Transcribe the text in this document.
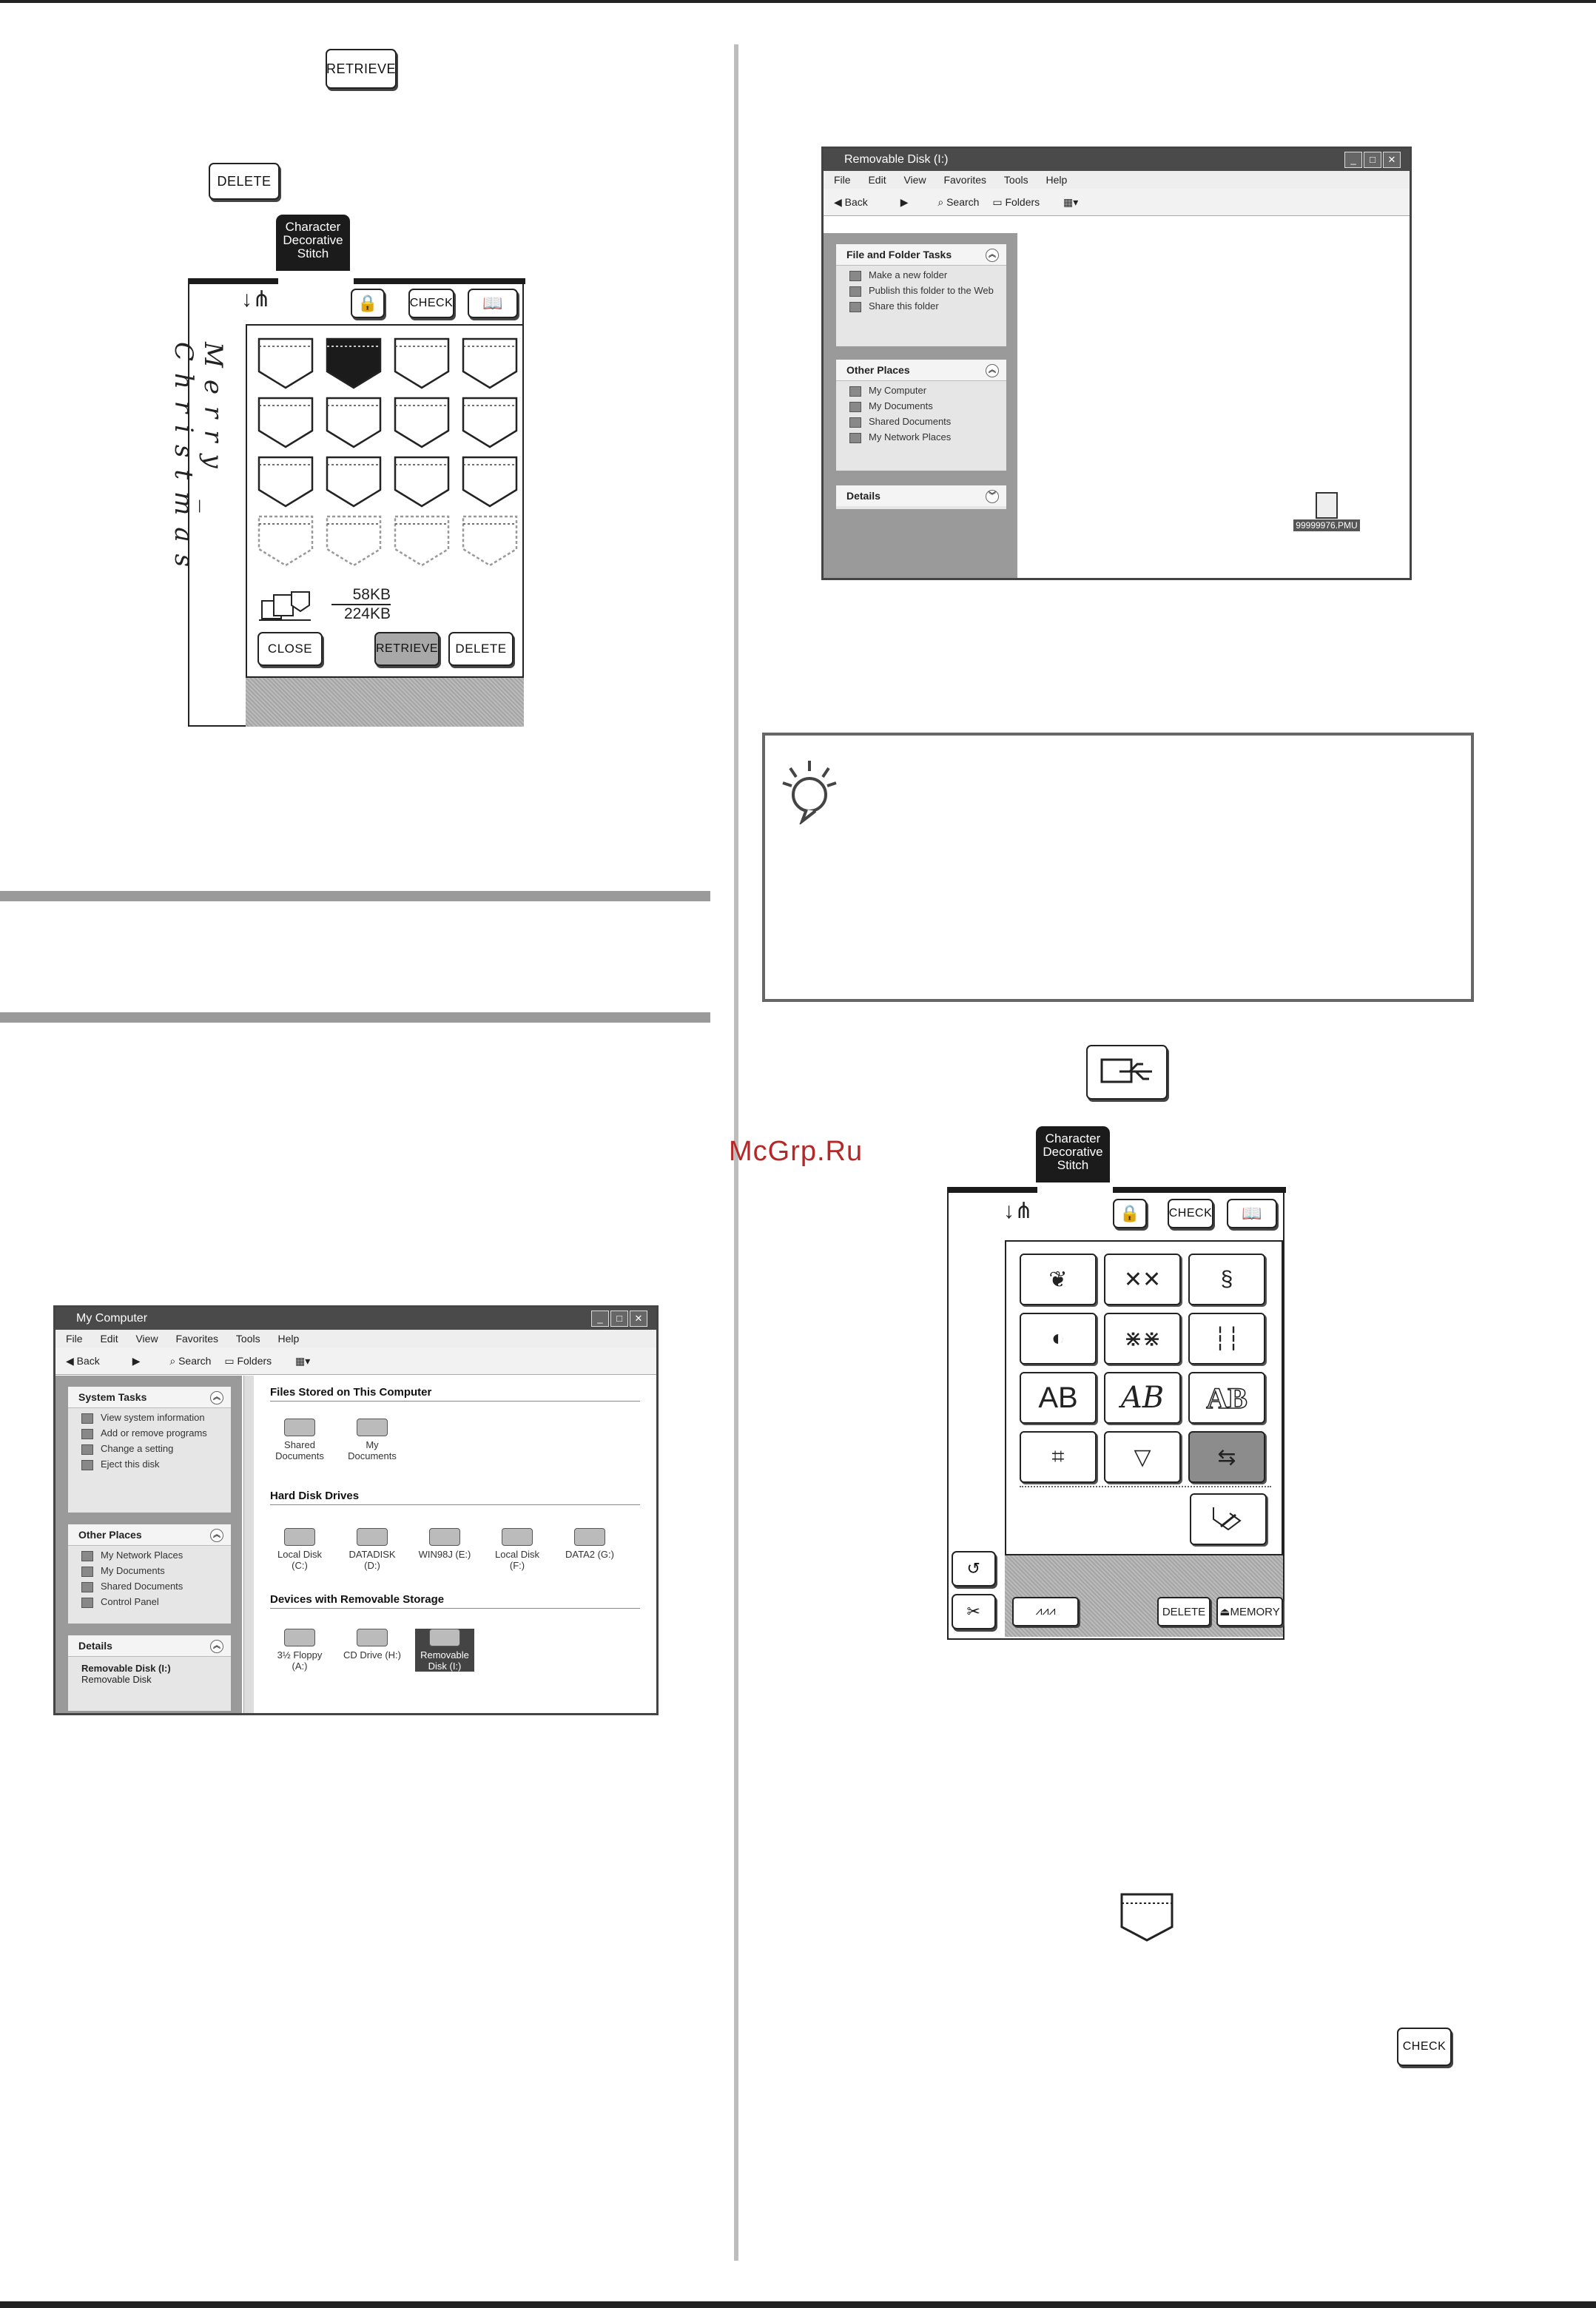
McGrp.Ru
RETRIEVE
DELETE
Character
Decorative
Stitch
Merry _ Christmas
↓⋔	🔒	CHECK	📖
58KB
224KB
CLOSE	RETRIEVE	DELETE
My Computer	_	□	✕
File Edit View Favorites Tools Help
◀ Back	▶	⌕ Search ▭ Folders ▦▾
System Tasks	︽
View system information
Add or remove programs
Change a setting
Eject this disk
Other Places	︽
My Network Places
My Documents
Shared Documents
Control Panel
Details	︽
Removable Disk (I:)
Removable Disk
Files Stored on This Computer
Shared Documents
My Documents
Hard Disk Drives
Local Disk (C:)
DATADISK (D:)
WIN98J (E:)	Local Disk (F:)
DATA2 (G:)
Devices with Removable Storage
3½ Floppy (A:)
CD Drive (H:)	Removable Disk (I:)
Removable Disk (I:)	_	□	✕
File Edit View Favorites Tools Help
◀ Back	▶	⌕ Search ▭ Folders ▦▾
File and Folder Tasks	︽
Make a new folder
Publish this folder to the Web
Share this folder
Other Places	︽
My Computer
My Documents
Shared Documents
My Network Places
Details	︾
99999976.PMU
Character
Decorative
Stitch
↓⋔	🔒	CHECK	📖
↺
✂	⩘⩘⩘	DELETE	⏏ MEMORY
❦	✕✕	§
◐	⋇⋇ ┆┆
AB AB AB
⌗	▽	⇆
CHECK
